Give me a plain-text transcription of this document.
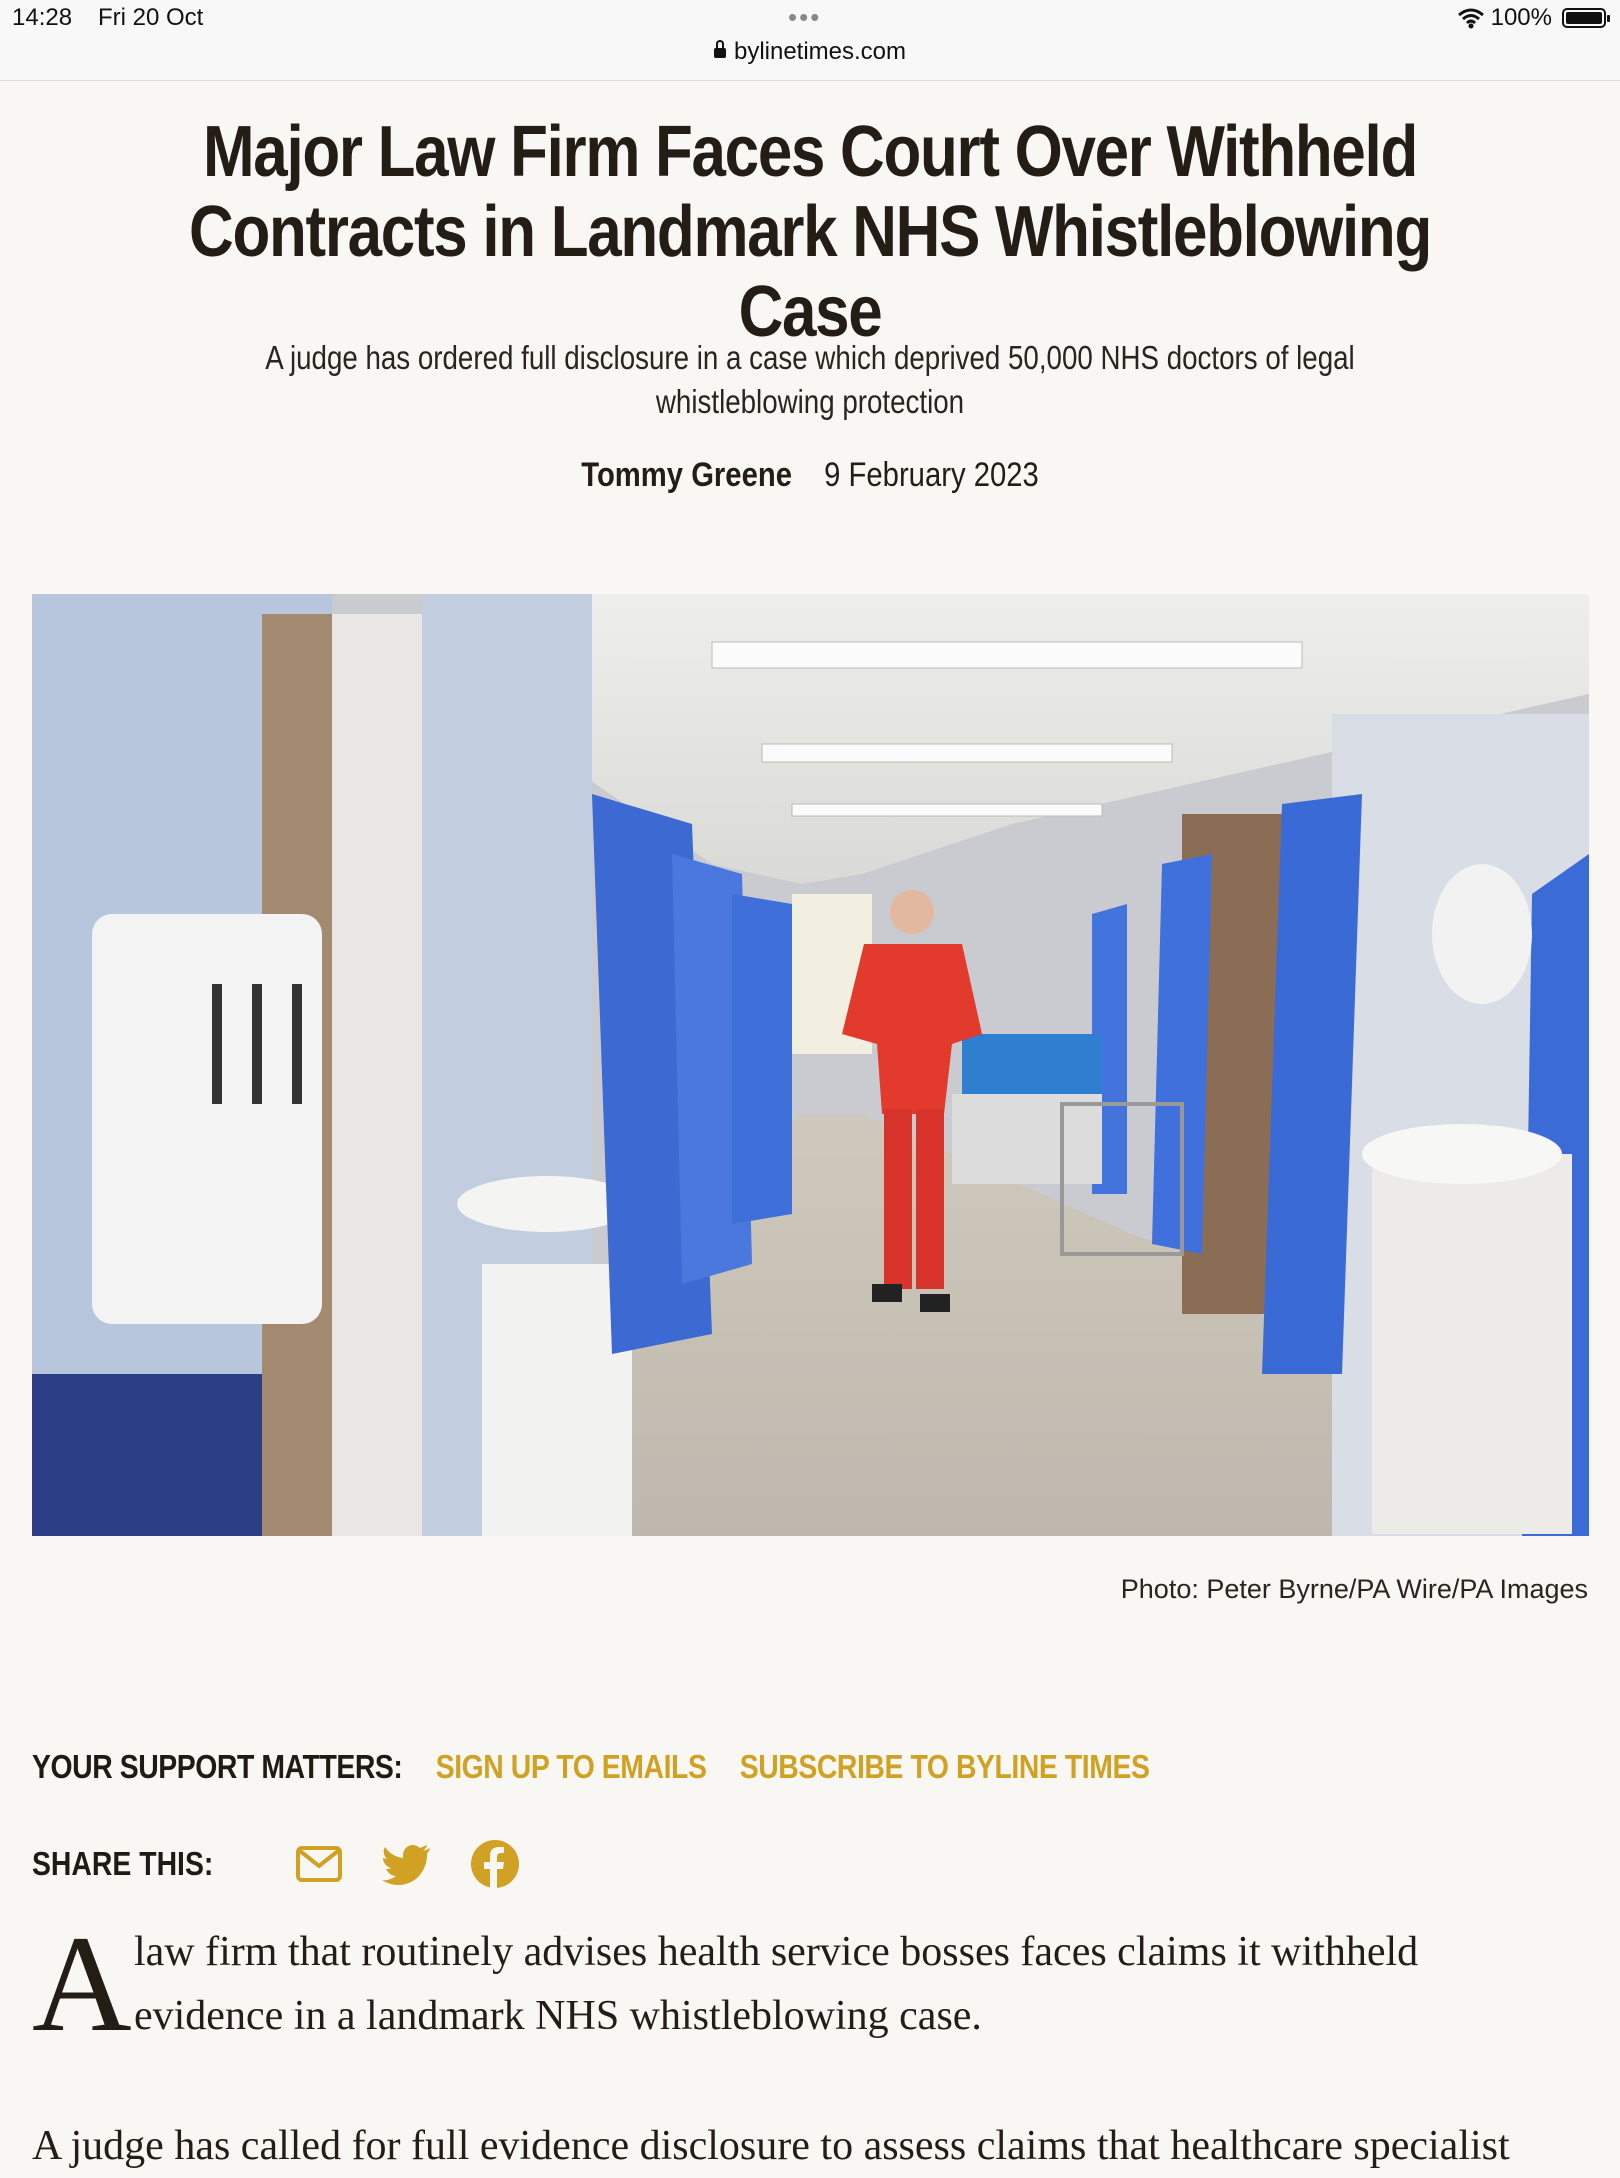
14:28 Fri 20 Oct	•••	100%
bylinetimes.com
Major Law Firm Faces Court Over Withheld Contracts in Landmark NHS Whistleblowing Case

A judge has ordered full disclosure in a case which deprived 50,000 NHS doctors of legal whistleblowing protection

Tommy Greene 9 February 2023
Photo: Peter Byrne/PA Wire/PA Images
YOUR SUPPORT MATTERS: SIGN UP TO EMAILS SUBSCRIBE TO BYLINE TIMES
SHARE THIS:
A law firm that routinely advises health service bosses faces claims it withheld evidence in a landmark NHS whistleblowing case.
A judge has called for full evidence disclosure to assess claims that healthcare specialist
